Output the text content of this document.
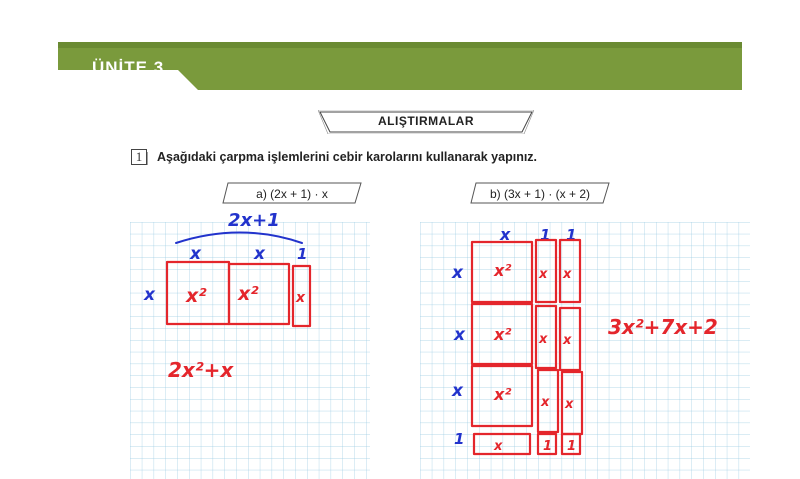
ÜNİTE 3
ALIŞTIRMALAR
1	Aşağıdaki çarpma işlemlerini cebir karolarını kullanarak yapınız.
a) (2x + 1) · x	b) (3x + 1) · (x + 2)
2x+1
x	x 1
x x² x²	x
2x²+x
x 1 1
x
x
x
1
x²
x²
x²
x x
x x
x x
x	1 1
3x²+7x+2
